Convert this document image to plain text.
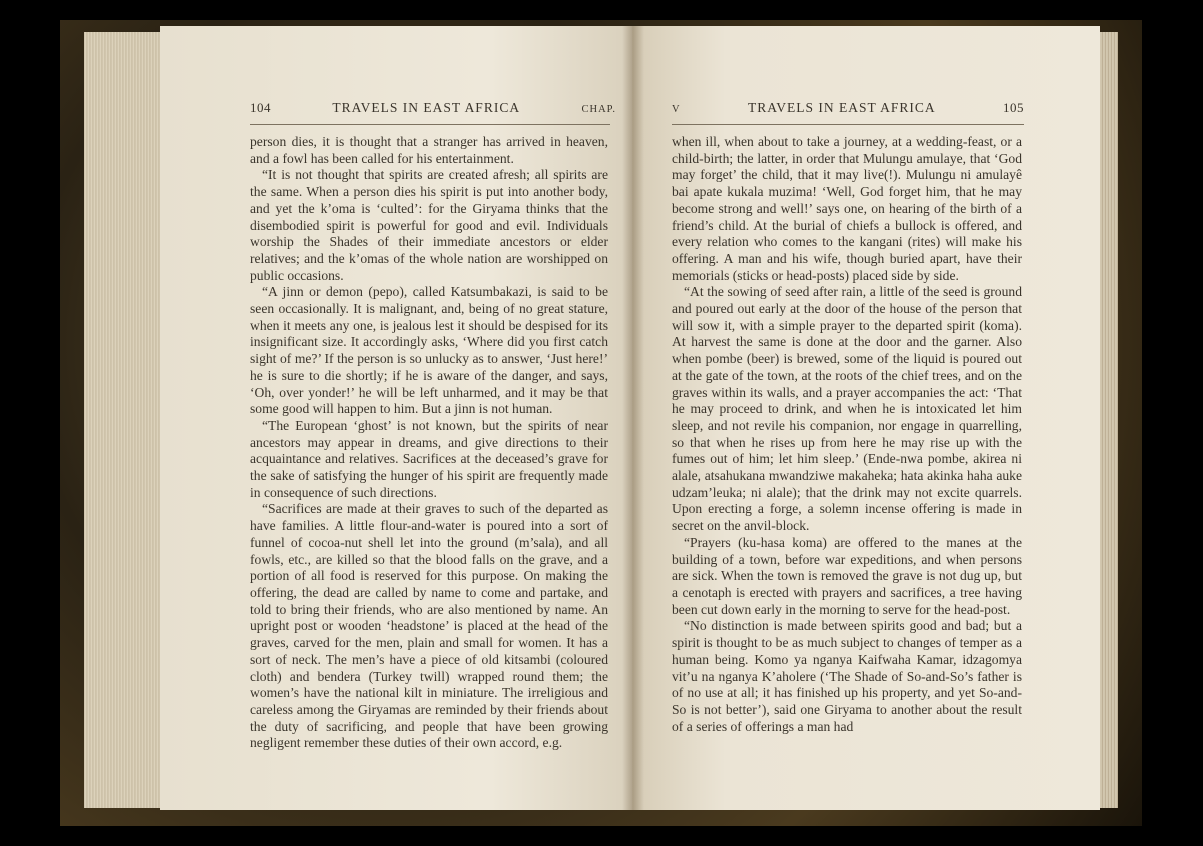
104	TRAVELS IN EAST AFRICA	CHAP.

person dies, it is thought that a stranger has arrived in heaven, and a fowl has been called for his entertainment.

“It is not thought that spirits are created afresh; all spirits are the same. When a person dies his spirit is put into another body, and yet the k’oma is ‘culted’: for the Giryama thinks that the disembodied spirit is powerful for good and evil. Individuals worship the Shades of their immediate ancestors or elder relatives; and the k’omas of the whole nation are worshipped on public occasions.

“A jinn or demon (pepo), called Katsumbakazi, is said to be seen occasionally. It is malignant, and, being of no great stature, when it meets any one, is jealous lest it should be despised for its insignificant size. It accordingly asks, ‘Where did you first catch sight of me?’ If the person is so unlucky as to answer, ‘Just here!’ he is sure to die shortly; if he is aware of the danger, and says, ‘Oh, over yonder!’ he will be left unharmed, and it may be that some good will happen to him. But a jinn is not human.

“The European ‘ghost’ is not known, but the spirits of near ancestors may appear in dreams, and give directions to their acquaintance and relatives. Sacrifices at the deceased’s grave for the sake of satisfying the hunger of his spirit are frequently made in consequence of such directions.

“Sacrifices are made at their graves to such of the departed as have families. A little flour-and-water is poured into a sort of funnel of cocoa-nut shell let into the ground (m’sala), and all fowls, etc., are killed so that the blood falls on the grave, and a portion of all food is reserved for this purpose. On making the offering, the dead are called by name to come and partake, and told to bring their friends, who are also mentioned by name. An upright post or wooden ‘headstone’ is placed at the head of the graves, carved for the men, plain and small for women. It has a sort of neck. The men’s have a piece of old kitsambi (coloured cloth) and bendera (Turkey twill) wrapped round them; the women’s have the national kilt in miniature. The irreligious and careless among the Giryamas are reminded by their friends about the duty of sacrificing, and people that have been growing negligent remember these duties of their own accord, e.g.

V	TRAVELS IN EAST AFRICA	105

when ill, when about to take a journey, at a wedding-feast, or a child-birth; the latter, in order that Mulungu amulaye, that ‘God may forget’ the child, that it may live(!). Mulungu ni amulayê bai apate kukala muzima! ‘Well, God forget him, that he may become strong and well!’ says one, on hearing of the birth of a friend’s child. At the burial of chiefs a bullock is offered, and every relation who comes to the kangani (rites) will make his offering. A man and his wife, though buried apart, have their memorials (sticks or head-posts) placed side by side.

“At the sowing of seed after rain, a little of the seed is ground and poured out early at the door of the house of the person that will sow it, with a simple prayer to the departed spirit (koma). At harvest the same is done at the door and the garner. Also when pombe (beer) is brewed, some of the liquid is poured out at the gate of the town, at the roots of the chief trees, and on the graves within its walls, and a prayer accompanies the act: ‘That he may proceed to drink, and when he is intoxicated let him sleep, and not revile his companion, nor engage in quarrelling, so that when he rises up from here he may rise up with the fumes out of him; let him sleep.’ (Ende-nwa pombe, akirea ni alale, atsahukana mwandziwe makaheka; hata akinka haha auke udzam’leuka; ni alale); that the drink may not excite quarrels. Upon erecting a forge, a solemn incense offering is made in secret on the anvil-block.

“Prayers (ku-hasa koma) are offered to the manes at the building of a town, before war expeditions, and when persons are sick. When the town is removed the grave is not dug up, but a cenotaph is erected with prayers and sacrifices, a tree having been cut down early in the morning to serve for the head-post.

“No distinction is made between spirits good and bad; but a spirit is thought to be as much subject to changes of temper as a human being. Komo ya nganya Kaifwaha Kamar, idzagomya vit’u na nganya K’aholere (‘The Shade of So-and-So’s father is of no use at all; it has finished up his property, and yet So-and-So is not better’), said one Giryama to another about the result of a series of offerings a man had
